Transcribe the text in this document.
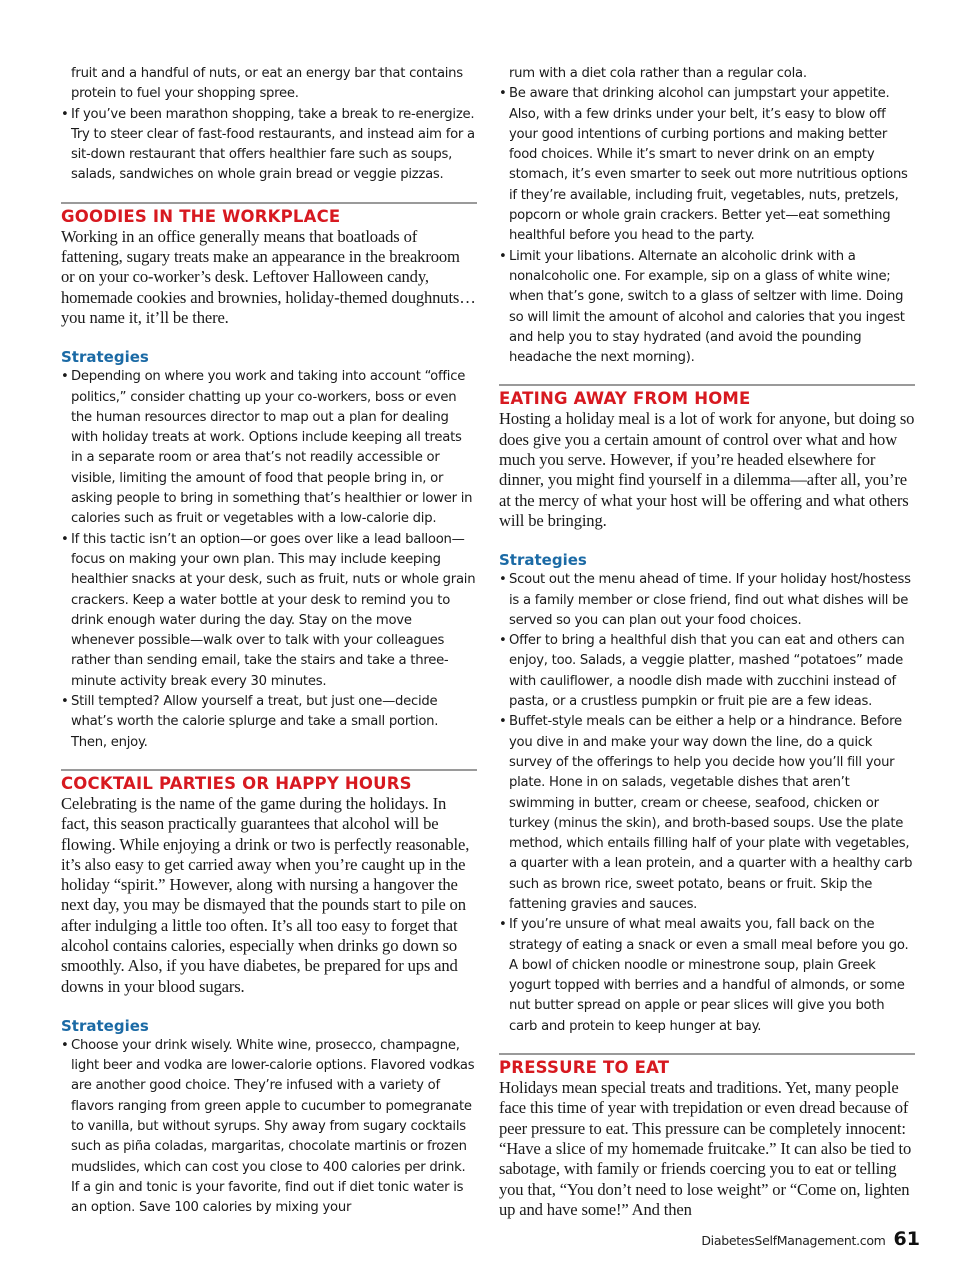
fruit and a handful of nuts, or eat an energy bar that contains protein to fuel your shopping spree.
• If you’ve been marathon shopping, take a break to re-energize. Try to steer clear of fast-food restaurants, and instead aim for a sit-down restaurant that offers healthier fare such as soups, salads, sandwiches on whole grain bread or veggie pizzas.
GOODIES IN THE WORKPLACE

Working in an office generally means that boatloads of fattening, sugary treats make an appearance in the breakroom or on your co-worker’s desk. Leftover Halloween candy, homemade cookies and brownies, holiday-themed doughnuts…you name it, it’ll be there.

Strategies
• Depending on where you work and taking into account “office politics,” consider chatting up your co-workers, boss or even the human resources director to map out a plan for dealing with holiday treats at work. Options include keeping all treats in a separate room or area that’s not readily accessible or visible, limiting the amount of food that people bring in, or asking people to bring in something that’s healthier or lower in calories such as fruit or vegetables with a low-calorie dip.
• If this tactic isn’t an option—or goes over like a lead balloon—focus on making your own plan. This may include keeping healthier snacks at your desk, such as fruit, nuts or whole grain crackers. Keep a water bottle at your desk to remind you to drink enough water during the day. Stay on the move whenever possible—walk over to talk with your colleagues rather than sending email, take the stairs and take a three-minute activity break every 30 minutes.
• Still tempted? Allow yourself a treat, but just one—decide what’s worth the calorie splurge and take a small portion. Then, enjoy.
COCKTAIL PARTIES OR HAPPY HOURS

Celebrating is the name of the game during the holidays. In fact, this season practically guarantees that alcohol will be flowing. While enjoying a drink or two is perfectly reasonable, it’s also easy to get carried away when you’re caught up in the holiday “spirit.” However, along with nursing a hangover the next day, you may be dismayed that the pounds start to pile on after indulging a little too often. It’s all too easy to forget that alcohol contains calories, especially when drinks go down so smoothly. Also, if you have diabetes, be prepared for ups and downs in your blood sugars.

Strategies
• Choose your drink wisely. White wine, prosecco, champagne, light beer and vodka are lower-calorie options. Flavored vodkas are another good choice. They’re infused with a variety of flavors ranging from green apple to cucumber to pomegranate to vanilla, but without syrups. Shy away from sugary cocktails such as piña coladas, margaritas, chocolate martinis or frozen mudslides, which can cost you close to 400 calories per drink. If a gin and tonic is your favorite, find out if diet tonic water is an option. Save 100 calories by mixing your
rum with a diet cola rather than a regular cola.
• Be aware that drinking alcohol can jumpstart your appetite. Also, with a few drinks under your belt, it’s easy to blow off your good intentions of curbing portions and making better food choices. While it’s smart to never drink on an empty stomach, it’s even smarter to seek out more nutritious options if they’re available, including fruit, vegetables, nuts, pretzels, popcorn or whole grain crackers. Better yet—eat something healthful before you head to the party.
• Limit your libations. Alternate an alcoholic drink with a nonalcoholic one. For example, sip on a glass of white wine; when that’s gone, switch to a glass of seltzer with lime. Doing so will limit the amount of alcohol and calories that you ingest and help you to stay hydrated (and avoid the pounding headache the next morning).
EATING AWAY FROM HOME

Hosting a holiday meal is a lot of work for anyone, but doing so does give you a certain amount of control over what and how much you serve. However, if you’re headed elsewhere for dinner, you might find yourself in a dilemma—after all, you’re at the mercy of what your host will be offering and what others will be bringing.

Strategies
• Scout out the menu ahead of time. If your holiday host/hostess is a family member or close friend, find out what dishes will be served so you can plan out your food choices.
• Offer to bring a healthful dish that you can eat and others can enjoy, too. Salads, a veggie platter, mashed “potatoes” made with cauliflower, a noodle dish made with zucchini instead of pasta, or a crustless pumpkin or fruit pie are a few ideas.
• Buffet-style meals can be either a help or a hindrance. Before you dive in and make your way down the line, do a quick survey of the offerings to help you decide how you’ll fill your plate. Hone in on salads, vegetable dishes that aren’t swimming in butter, cream or cheese, seafood, chicken or turkey (minus the skin), and broth-based soups. Use the plate method, which entails filling half of your plate with vegetables, a quarter with a lean protein, and a quarter with a healthy carb such as brown rice, sweet potato, beans or fruit. Skip the fattening gravies and sauces.
• If you’re unsure of what meal awaits you, fall back on the strategy of eating a snack or even a small meal before you go. A bowl of chicken noodle or minestrone soup, plain Greek yogurt topped with berries and a handful of almonds, or some nut butter spread on apple or pear slices will give you both carb and protein to keep hunger at bay.
PRESSURE TO EAT

Holidays mean special treats and traditions. Yet, many people face this time of year with trepidation or even dread because of peer pressure to eat. This pressure can be completely innocent: “Have a slice of my homemade fruitcake.” It can also be tied to sabotage, with family or friends coercing you to eat or telling you that, “You don’t need to lose weight” or “Come on, lighten up and have some!” And then

DiabetesSelfManagement.com 61
